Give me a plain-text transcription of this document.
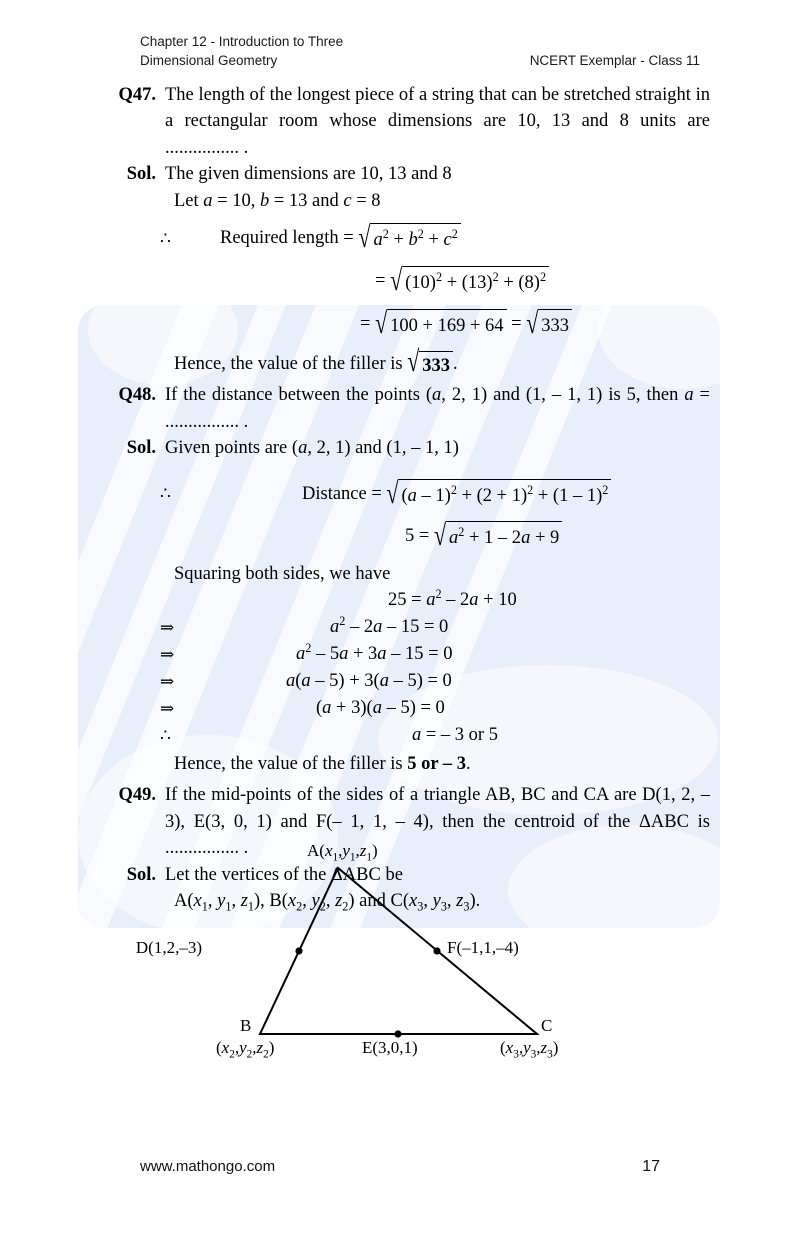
Chapter 12 - Introduction to Three
Dimensional Geometry	NCERT Exemplar - Class 11
Q47. The length of the longest piece of a string that can be stretched straight in a rectangular room whose dimensions are 10, 13 and 8 units are ................ .
Sol. The given dimensions are 10, 13 and 8
Let a = 10, b = 13 and c = 8
∴	Required length = √ $a^2 + b^2 + c^2$
= √ $(10)^2 + (13)^2 + (8)^2$
= √ 100 + 169 + 64 = √ 333
Hence, the value of the filler is √ 333 .
Q48. If the distance between the points (a, 2, 1) and (1, – 1, 1) is 5, then a = ................ .
Sol. Given points are (a, 2, 1) and (1, – 1, 1)
∴	Distance = √ $(a - 1)^2 + (2 + 1)^2 + (1 - 1)^2$
5 = √ $a^2 + 1 - 2a + 9$
Squaring both sides, we have
$25 = a^2 - 2a + 10$
⇒	$a^2 - 2a - 15 = 0$
⇒	$a^2 - 5a + 3a - 15 = 0$
⇒	a(a – 5) + 3(a – 5) = 0
⇒	(a + 3)(a – 5) = 0
∴	a = – 3 or 5
Hence, the value of the filler is 5 or – 3.
Q49. If the mid-points of the sides of a triangle AB, BC and CA are D(1, 2, – 3), E(3, 0, 1) and F(– 1, 1, – 4), then the centroid of the ΔABC is ................ .
Sol. Let the vertices of the ΔABC be
$A(x_1$, $y_1$, $z_1$), $B(x_2$, $y_2$, $z_2$) and $C(x_3$, $y_3$, $z_3$).
$A(x_1,y_1,z_1)$
D(1,2,–3)	F(–1,1,–4)
B
$(x_2,y_2,z_2)$	E(3,0,1)
C
$(x_3,y_3,z_3)$
www.mathongo.com	17
